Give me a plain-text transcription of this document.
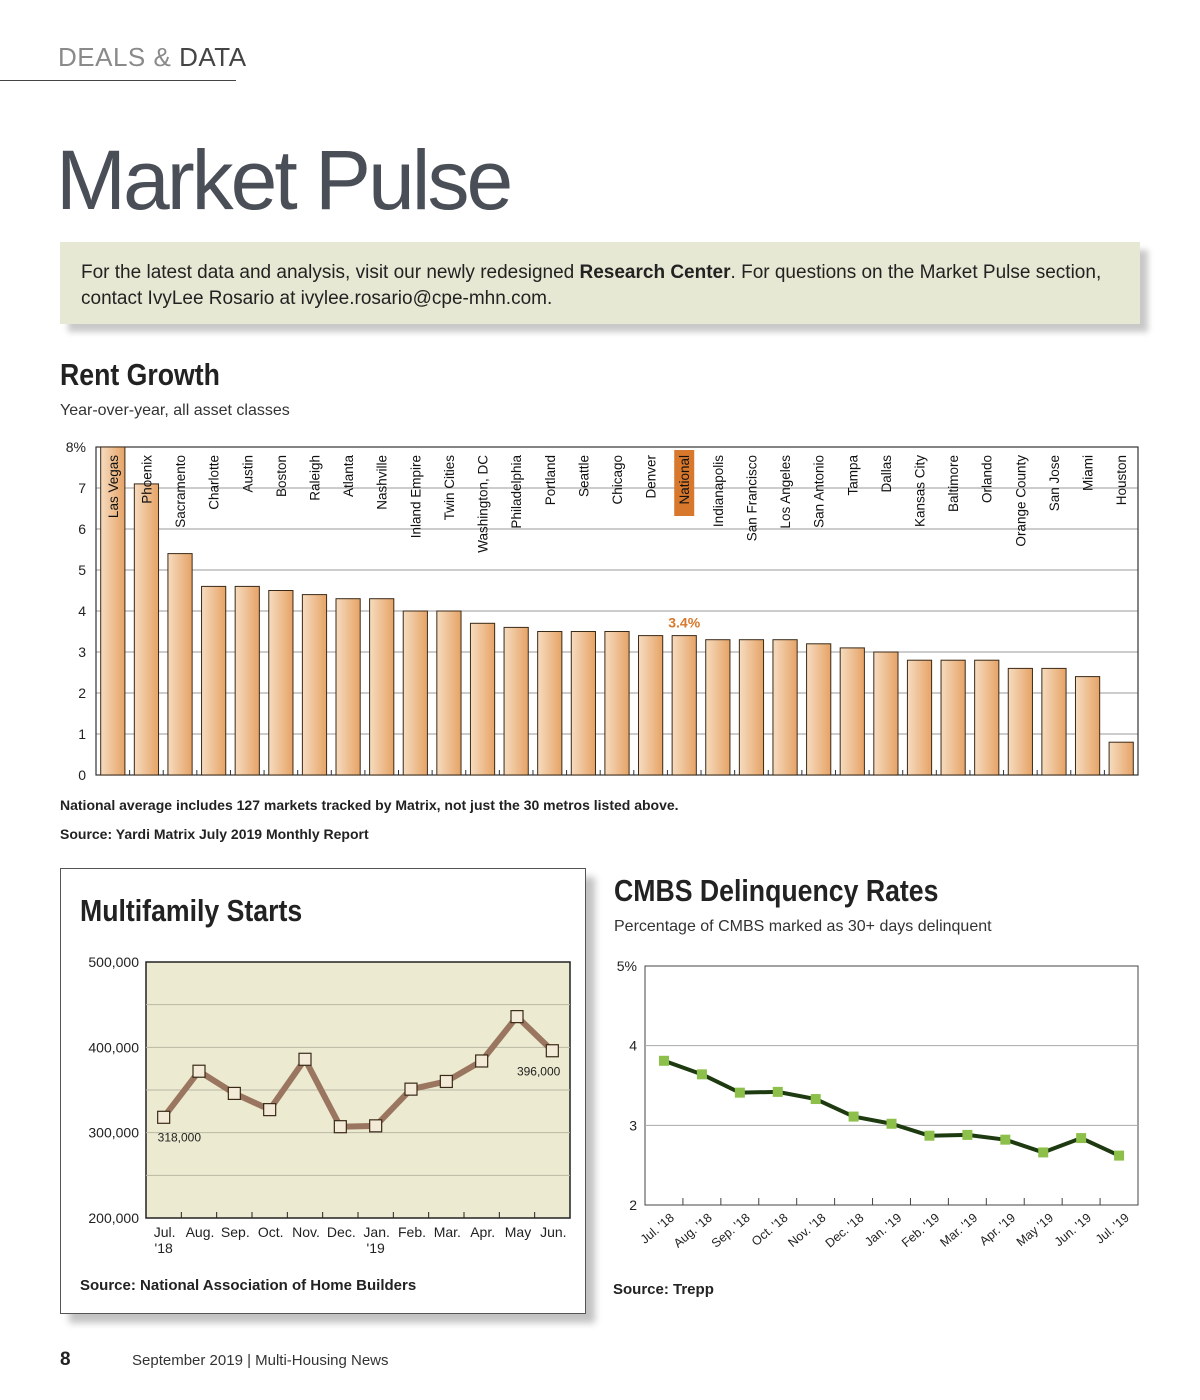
DEALS & DATA
Market Pulse
For the latest data and analysis, visit our newly redesigned Research Center. For questions on the Market Pulse section, contact IvyLee Rosario at ivylee.rosario@cpe-mhn.com.
Rent Growth
Year-over-year, all asset classes
0
1
2
3
4
5
6
7
8%
Las Vegas Phoenix Sacramento Charlotte Austin Boston Raleigh Atlanta Nashville Inland Empire Twin Cities Washington, DC Philadelphia Portland Seattle Chicago Denver
3.4%
National Indianapolis San Francisco Los Angeles San Antonio Tampa Dallas Kansas City Baltimore Orlando Orange County San Jose Miami Houston
National average includes 127 markets tracked by Matrix, not just the 30 metros listed above.
Source: Yardi Matrix July 2019 Monthly Report
Multifamily Starts
200,000
300,000
400,000
500,000
318,000
396,000
Jul.
'18
Aug. Sep. Oct. Nov. Dec. Jan.
'19
Feb. Mar. Apr. May Jun.
Source: National Association of Home Builders
CMBS Delinquency Rates
Percentage of CMBS marked as 30+ days delinquent
2
3
4
5%
Jul. '18
Aug. '18
Sep. '18
Oct. '18
Nov. '18
Dec. '18
Jan. '19
Feb. '19
Mar. '19
Apr. '19
May '19
Jun. '19
Jul. '19
Source: Trepp
8	September 2019 | Multi-Housing News
